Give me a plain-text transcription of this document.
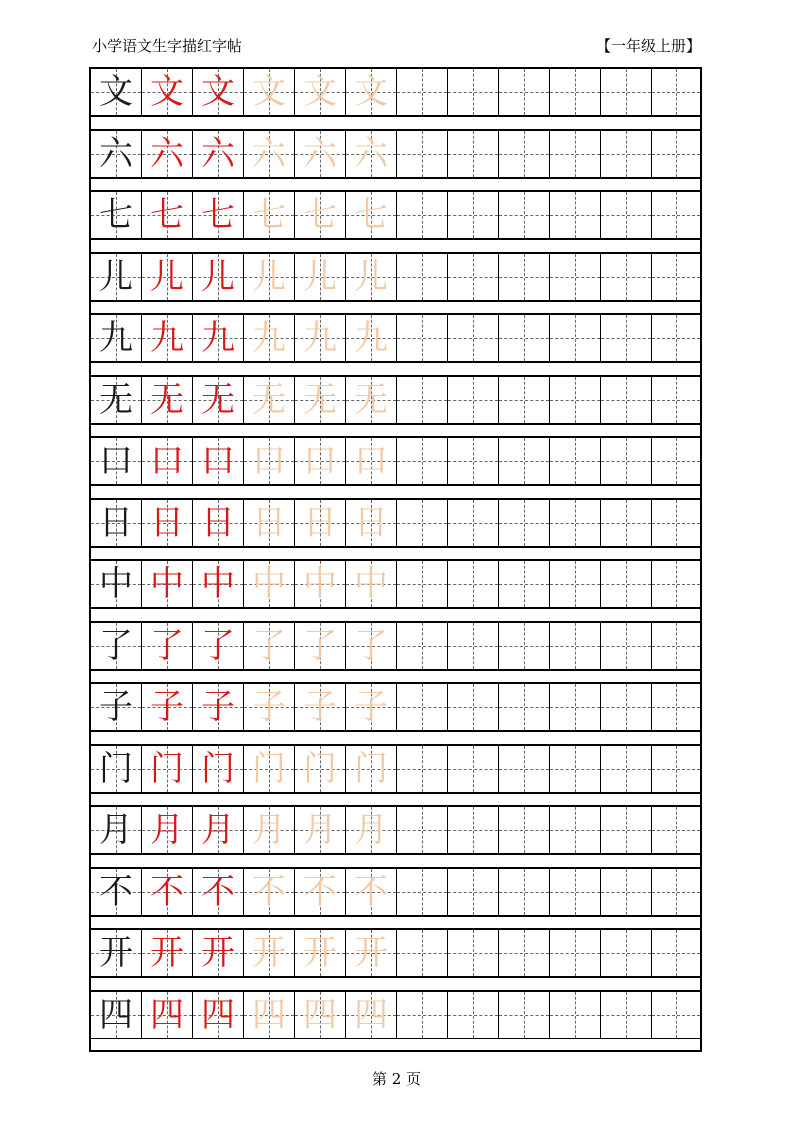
小学语文生字描红字帖	【一年级上册】
文 文 文 文 文 文
六 六 六 六 六 六
七 七 七 七 七 七
儿 儿 儿 儿 儿 儿
九 九 九 九 九 九
无 无 无 无 无 无
口 口 口 口 口 口
日 日 日 日 日 日
中 中 中 中 中 中
了 了 了 了 了 了
子 子 子 子 子 子
门 门 门 门 门 门
月 月 月 月 月 月
不 不 不 不 不 不
开 开 开 开 开 开
四 四 四 四 四 四
第 2 页
